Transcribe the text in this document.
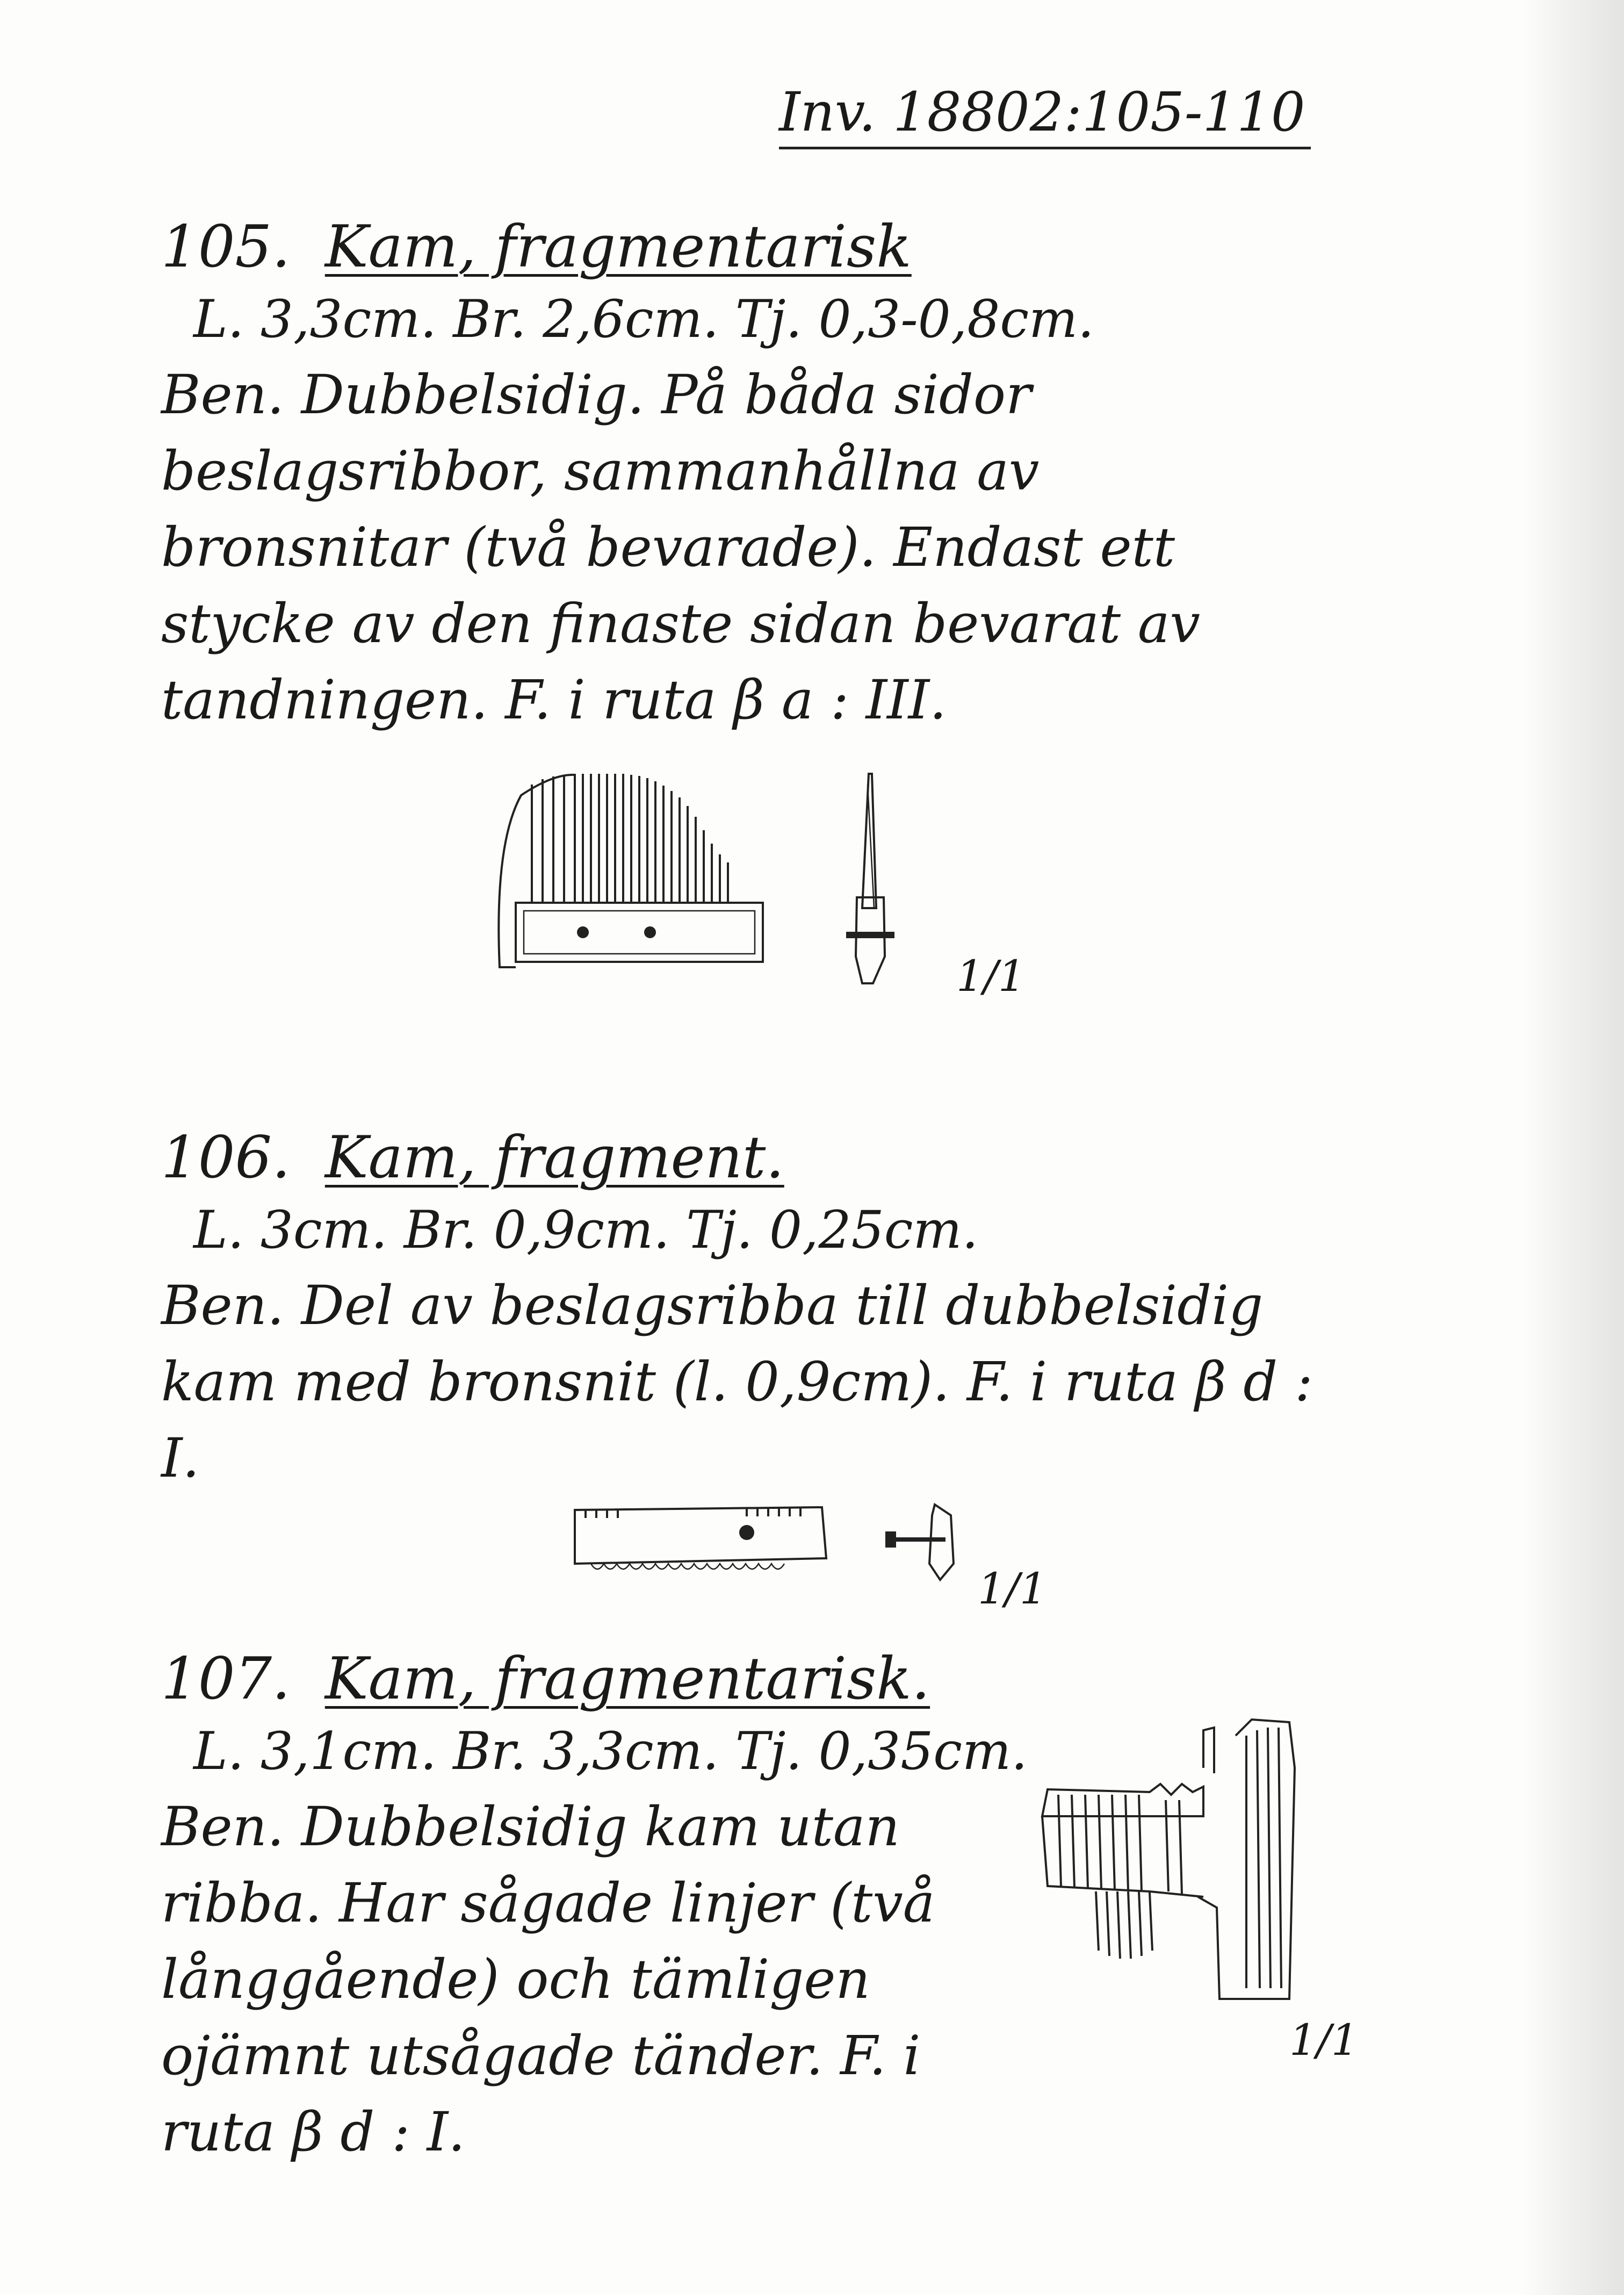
Inv. 18802:105-110
105. Kam, fragmentarisk
L. 3,3cm. Br. 2,6cm. Tj. 0,3-0,8cm.
Ben. Dubbelsidig. På båda sidor beslagsribbor, sammanhållna av bronsnitar (två bevarade). Endast ett stycke av den finaste sidan bevarat av tandningen. F. i ruta β a : III.
1/1
106. Kam, fragment.
L. 3cm. Br. 0,9cm. Tj. 0,25cm.
Ben. Del av beslagsribba till dubbelsidig kam med bronsnit (l. 0,9cm). F. i ruta β d : I.
1/1
107. Kam, fragmentarisk.
L. 3,1cm. Br. 3,3cm. Tj. 0,35cm.
Ben. Dubbelsidig kam utan ribba. Har sågade linjer (två långgående) och tämligen ojämnt utsågade tänder. F. i ruta β d : I.
1/1
